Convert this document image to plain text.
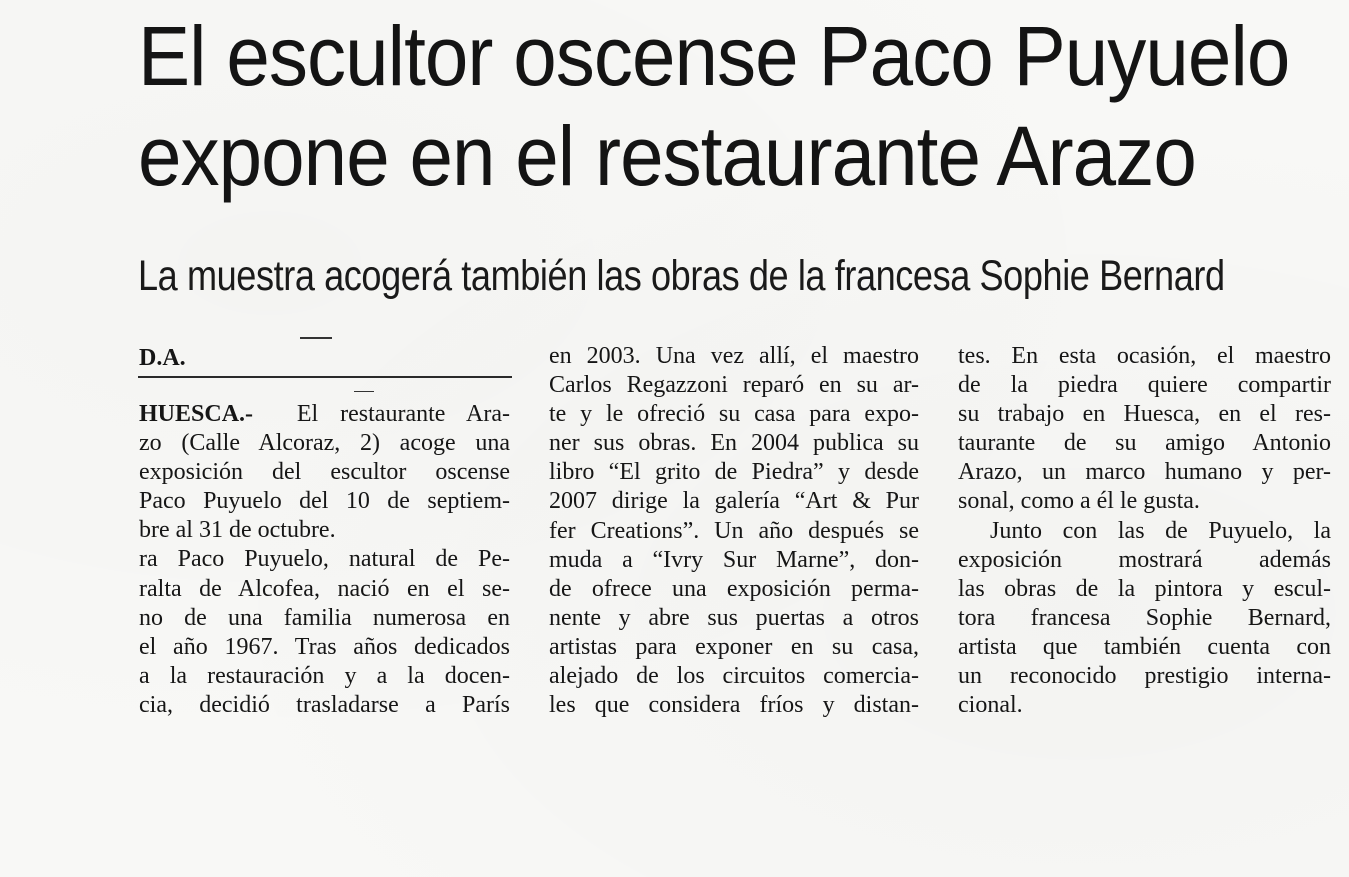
El escultor oscense Paco Puyuelo
expone en el restaurante Arazo
La muestra acogerá también las obras de la francesa Sophie Bernard
D.A.
HUESCA.- El restaurante Ara-
zo (Calle Alcoraz, 2) acoge una
exposición del escultor oscense
Paco Puyuelo del 10 de septiem-
bre al 31 de octubre.
ra Paco Puyuelo, natural de Pe-
ralta de Alcofea, nació en el se-
no de una familia numerosa en
el año 1967. Tras años dedicados
a la restauración y a la docen-
cia, decidió trasladarse a París
en 2003. Una vez allí, el maestro
Carlos Regazzoni reparó en su ar-
te y le ofreció su casa para expo-
ner sus obras. En 2004 publica su
libro “El grito de Piedra” y desde
2007 dirige la galería “Art & Pur
fer Creations”. Un año después se
muda a “Ivry Sur Marne”, don-
de ofrece una exposición perma-
nente y abre sus puertas a otros
artistas para exponer en su casa,
alejado de los circuitos comercia-
les que considera fríos y distan-
tes. En esta ocasión, el maestro
de la piedra quiere compartir
su trabajo en Huesca, en el res-
taurante de su amigo Antonio
Arazo, un marco humano y per-
sonal, como a él le gusta.
Junto con las de Puyuelo, la
exposición mostrará además
las obras de la pintora y escul-
tora francesa Sophie Bernard,
artista que también cuenta con
un reconocido prestigio interna-
cional.
